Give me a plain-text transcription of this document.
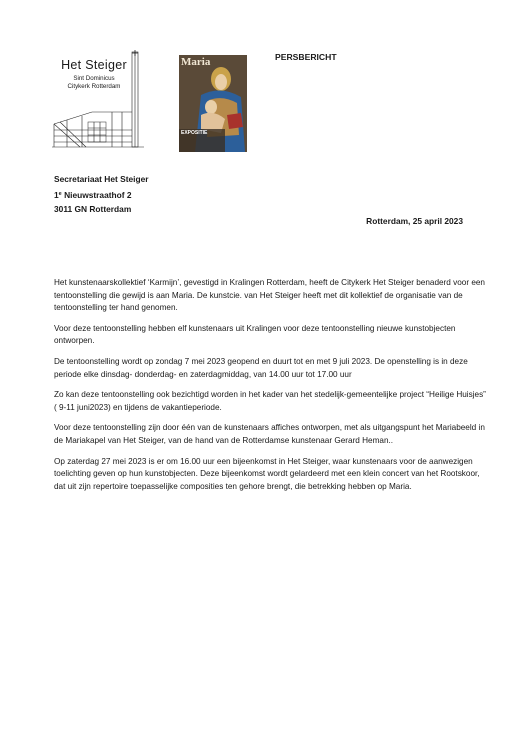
Het Steiger
Sint Dominicus
Citykerk Rotterdam
Maria
EXPOSITIE
PERSBERICHT
Secretariaat Het Steiger
1e Nieuwstraathof 2
3011 GN Rotterdam
Rotterdam, 25 april 2023

Het kunstenaarskollektief ‘Karmijn’, gevestigd in Kralingen Rotterdam, heeft de Citykerk Het Steiger benaderd voor een tentoonstelling die gewijd is aan Maria. De kunstcie. van Het Steiger heeft met dit kollektief de organisatie van de tentoonstelling ter hand genomen.

Voor deze tentoonstelling hebben elf kunstenaars uit Kralingen voor deze tentoonstelling nieuwe kunstobjecten ontworpen.

De tentoonstelling wordt op zondag 7 mei 2023 geopend en duurt tot en met 9 juli 2023. De openstelling is in deze periode elke dinsdag- donderdag- en zaterdagmiddag, van 14.00 uur tot 17.00 uur

Zo kan deze tentoonstelling ook bezichtigd worden in het kader van het stedelijk-gemeentelijke project “Heilige Huisjes” ( 9-11 juni2023) en tijdens de vakantieperiode.

Voor deze tentoonstelling zijn door één van de kunstenaars affiches ontworpen, met als uitgangspunt het Mariabeeld in de Mariakapel van Het Steiger, van de hand van de Rotterdamse kunstenaar Gerard Heman..

Op zaterdag 27 mei 2023 is er om 16.00 uur een bijeenkomst in Het Steiger, waar kunstenaars voor de aanwezigen toelichting geven op hun kunstobjecten. Deze bijeenkomst wordt gelardeerd met een klein concert van het Rootskoor, dat uit zijn repertoire toepasselijke composities ten gehore brengt, die betrekking hebben op Maria.
